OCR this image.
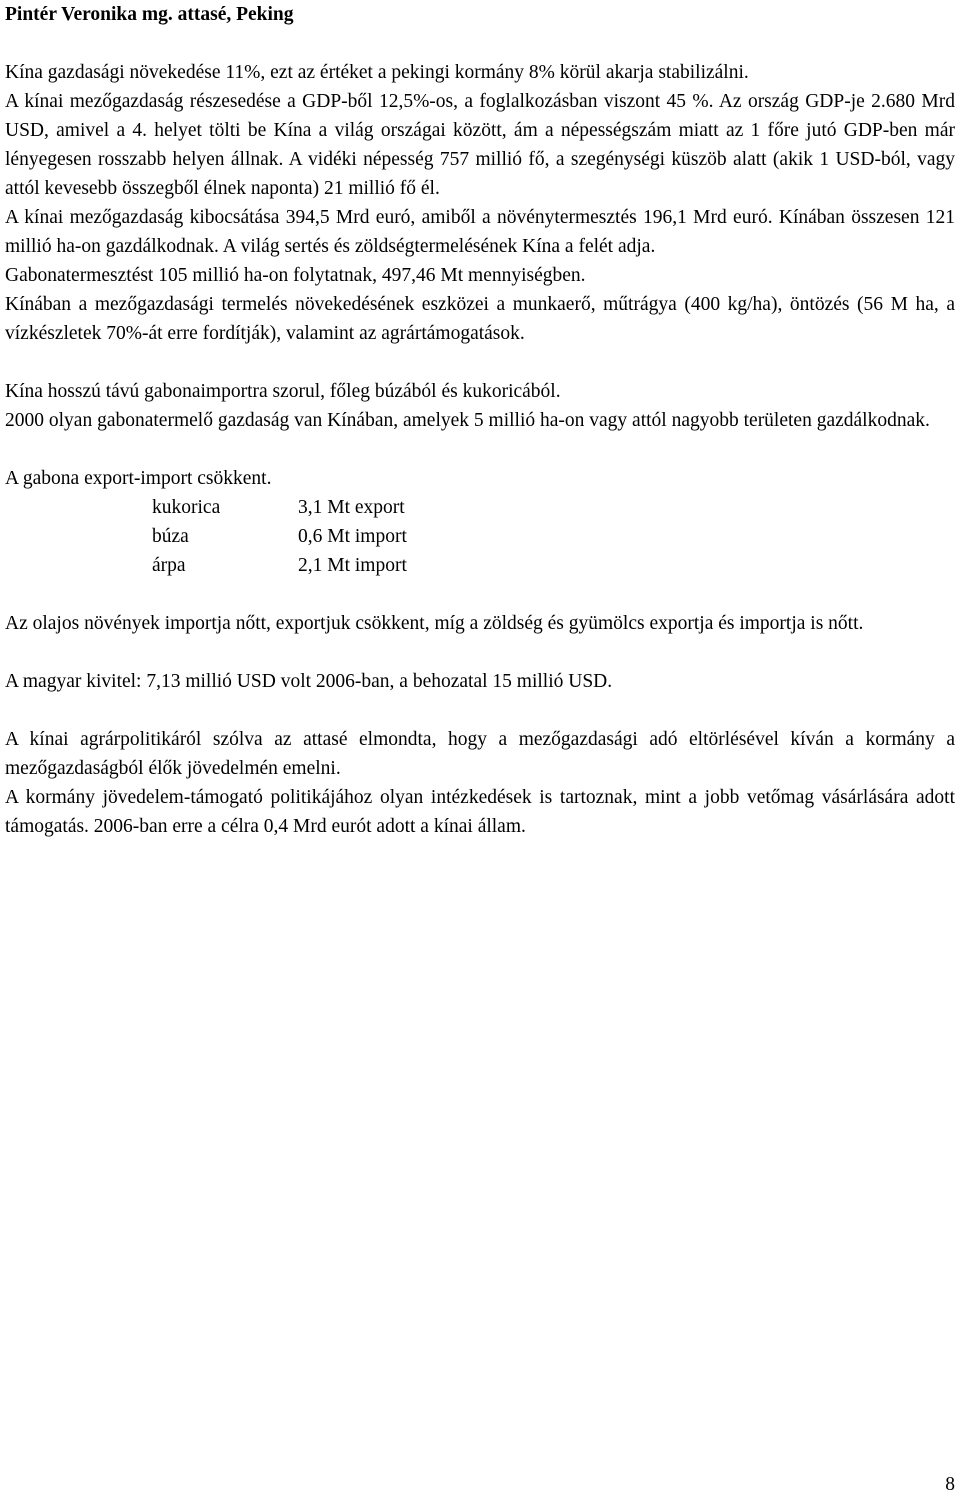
Pintér Veronika mg. attasé, Peking

Kína gazdasági növekedése 11%, ezt az értéket a pekingi kormány 8% körül akarja stabilizálni.

A kínai mezőgazdaság részesedése a GDP-ből 12,5%-os, a foglalkozásban viszont 45 %. Az ország GDP-je 2.680 Mrd USD, amivel a 4. helyet tölti be Kína a világ országai között, ám a népességszám miatt az 1 főre jutó GDP-ben már lényegesen rosszabb helyen állnak. A vidéki népesség 757 millió fő, a szegénységi küszöb alatt (akik 1 USD-ból, vagy attól kevesebb összegből élnek naponta) 21 millió fő él.

A kínai mezőgazdaság kibocsátása 394,5 Mrd euró, amiből a növénytermesztés 196,1 Mrd euró. Kínában összesen 121 millió ha-on gazdálkodnak. A világ sertés és zöldségtermelésének Kína a felét adja.

Gabonatermesztést 105 millió ha-on folytatnak, 497,46 Mt mennyiségben.

Kínában a mezőgazdasági termelés növekedésének eszközei a munkaerő, műtrágya (400 kg/ha), öntözés (56 M ha, a vízkészletek 70%-át erre fordítják), valamint az agrártámogatások.

Kína hosszú távú gabonaimportra szorul, főleg búzából és kukoricából.

2000 olyan gabonatermelő gazdaság van Kínában, amelyek 5 millió ha-on vagy attól nagyobb területen gazdálkodnak.

A gabona export-import csökkent.

kukorica	3,1 Mt export
búza	0,6 Mt import
árpa	2,1 Mt import

Az olajos növények importja nőtt, exportjuk csökkent, míg a zöldség és gyümölcs exportja és importja is nőtt.

A magyar kivitel: 7,13 millió USD volt 2006-ban, a behozatal 15 millió USD.

A kínai agrárpolitikáról szólva az attasé elmondta, hogy a mezőgazdasági adó eltörlésével kíván a kormány a mezőgazdaságból élők jövedelmén emelni.

A kormány jövedelem-támogató politikájához olyan intézkedések is tartoznak, mint a jobb vetőmag vásárlására adott támogatás. 2006-ban erre a célra 0,4 Mrd eurót adott a kínai állam.

8
